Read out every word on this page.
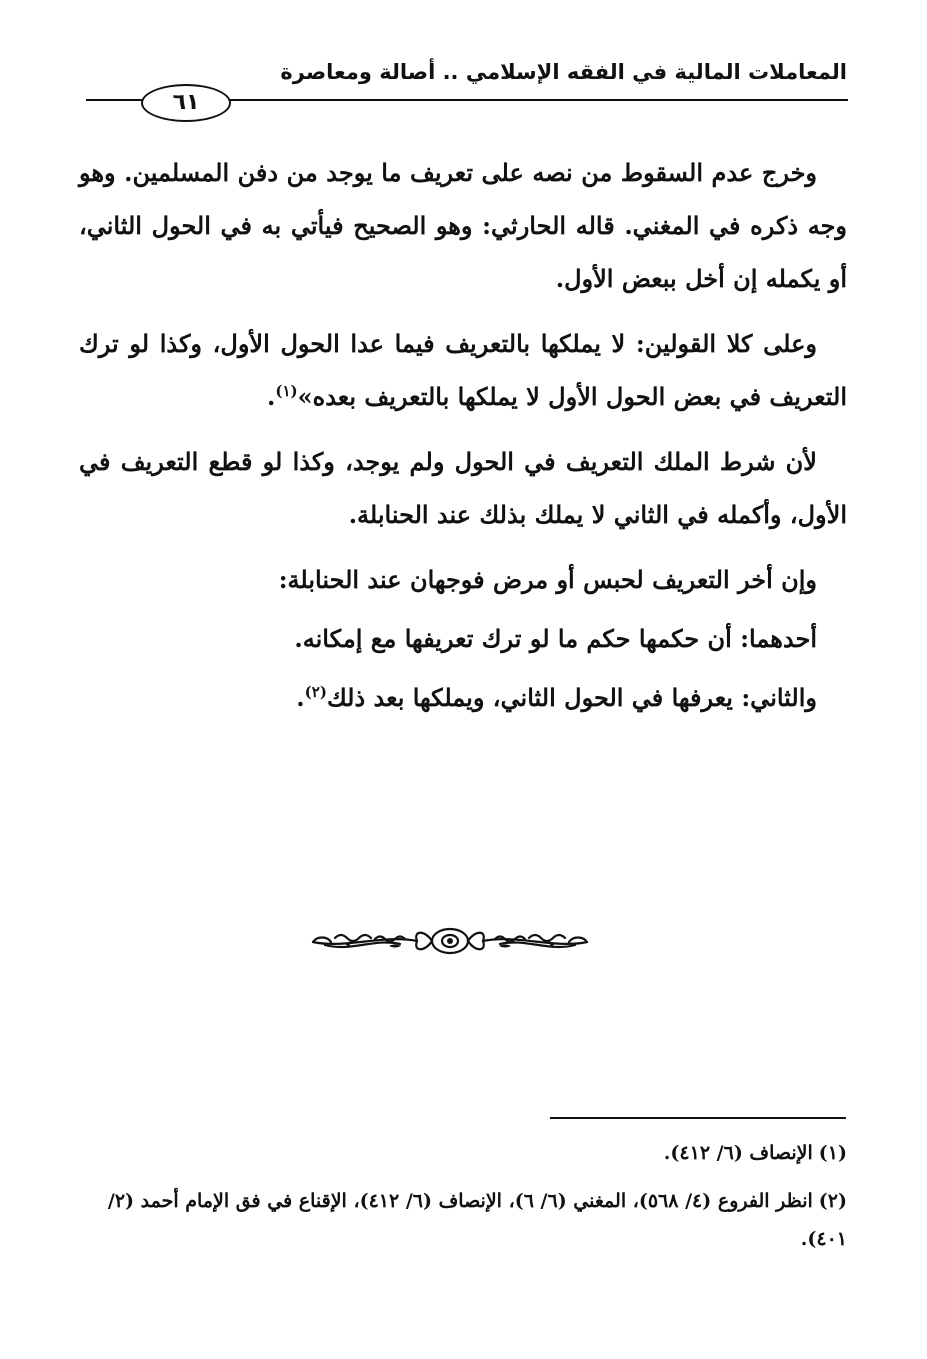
المعاملات المالية في الفقه الإسلامي .. أصالة ومعاصرة
٦١

وخرج عدم السقوط من نصه على تعريف ما يوجد من دفن المسلمين. وهو وجه ذكره في المغني. قاله الحارثي: وهو الصحيح فيأتي به في الحول الثاني، أو يكمله إن أخل ببعض الأول.

وعلى كلا القولين: لا يملكها بالتعريف فيما عدا الحول الأول، وكذا لو ترك التعريف في بعض الحول الأول لا يملكها بالتعريف بعده»$^{(١)}$.

لأن شرط الملك التعريف في الحول ولم يوجد، وكذا لو قطع التعريف في الأول، وأكمله في الثاني لا يملك بذلك عند الحنابلة.

وإن أخر التعريف لحبس أو مرض فوجهان عند الحنابلة:

أحدهما: أن حكمها حكم ما لو ترك تعريفها مع إمكانه.

والثاني: يعرفها في الحول الثاني، ويملكها بعد ذلك$^{(٢)}$.

(١)الإنصاف (٦/ ٤١٢).
(٢)انظر الفروع (٤/ ٥٦٨)، المغني (٦/ ٦)، الإنصاف (٦/ ٤١٢)، الإقناع في فق الإمام أحمد (٢/ ٤٠١).
